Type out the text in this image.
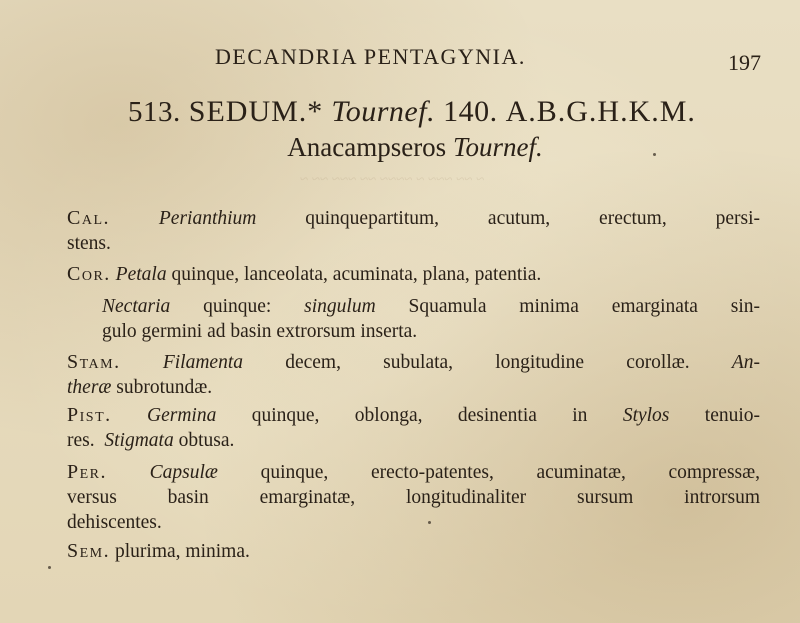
~ ~~ ~~~ ~ ~~~~ ~~ ~~~ ~~ ~
DECANDRIA PENTAGYNIA.	197
513. SEDUM.* Tournef. 140. A.B.G.H.K.M.
Anacampseros Tournef.
Cal.	Perianthium	quinquepartitum, acutum, erectum, persi-
stens.
Cor. Petala quinque, lanceolata, acuminata, plana, patentia.
Nectaria quinque: singulum Squamula minima emarginata sin-
gulo germini ad basin extrorsum inserta.
Stam. Filamenta decem, subulata, longitudine corollæ. An-
theræ subrotundæ.
Pist. Germina quinque, oblonga, desinentia in Stylos tenuio-
res. Stigmata obtusa.
Per. Capsulæ quinque, erecto-patentes, acuminatæ, compressæ,
versus basin emarginatæ, longitudinaliter sursum introrsum
dehiscentes.
Sem. plurima, minima.
